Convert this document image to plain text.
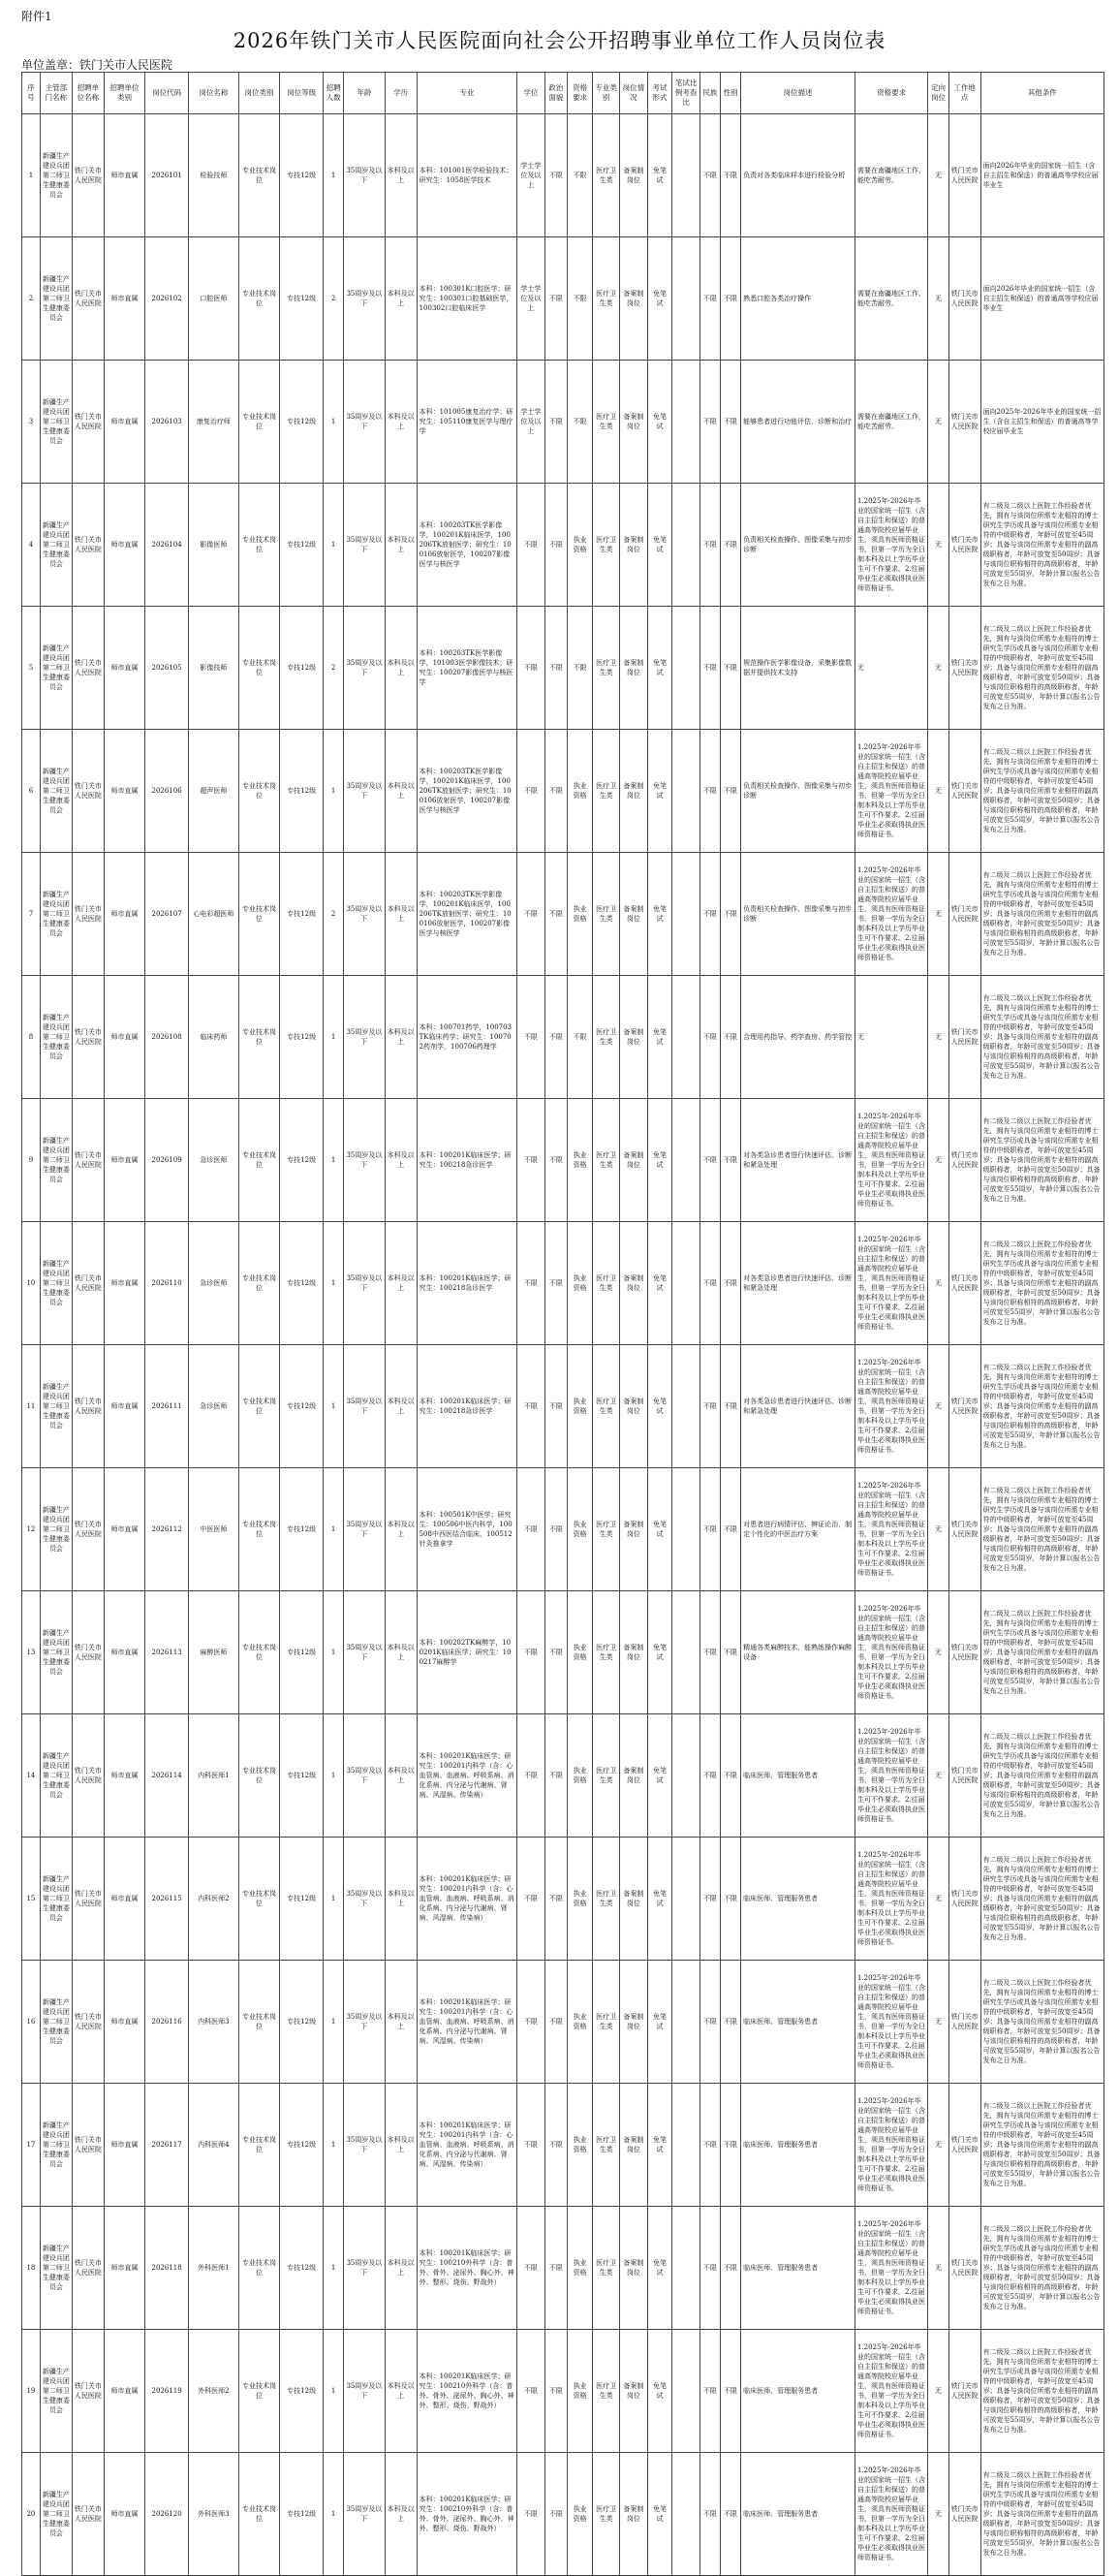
附件1
2026年铁门关市人民医院面向社会公开招聘事业单位工作人员岗位表
单位盖章：铁门关市人民医院
序号	主管部门名称	招聘单位名称	招聘单位类别	岗位代码	岗位名称	岗位类别	岗位等级	招聘人数	年龄	学历	专业	学位	政治面貌	资格要求	专业类别	岗位情况	考试形式	笔试比例考查比	民族	性别	岗位描述	资格要求	定向岗位	工作地点	其他条件
1	新疆生产建设兵团第二师卫生健康委员会	铁门关市人民医院	师市直属	2026101	检验技师	专业技术岗位	专技12级	1	35周岁及以下	本科及以上	本科：101001医学检验技术；研究生：1058医学技术	学士学位及以上	不限	不限	医疗卫生类	备案制岗位	免笔试		不限	不限	负责对各类临床样本进行检验分析	需要在南疆地区工作，能吃苦耐劳。	无	铁门关市人民医院	面向2026年毕业的国家统一招生（含自主招生和保送）的普通高等学校应届毕业生
2	新疆生产建设兵团第二师卫生健康委员会	铁门关市人民医院	师市直属	2026102	口腔医师	专业技术岗位	专技12级	2	35周岁及以下	本科及以上	本科：100301K口腔医学；研究生：100301口腔基础医学，100302口腔临床医学	学士学位及以上	不限	不限	医疗卫生类	备案制岗位	免笔试		不限	不限	熟悉口腔各类治疗操作	需要在南疆地区工作，能吃苦耐劳。	无	铁门关市人民医院	面向2026年毕业的国家统一招生（含自主招生和保送）的普通高等学校应届毕业生
3	新疆生产建设兵团第二师卫生健康委员会	铁门关市人民医院	师市直属	2026103	康复治疗师	专业技术岗位	专技12级	1	35周岁及以下	本科及以上	本科：101005康复治疗学；研究生：105110康复医学与理疗学	学士学位及以上	不限	不限	医疗卫生类	备案制岗位	免笔试		不限	不限	能够患者进行功能评估、诊断和治疗	需要在南疆地区工作，能吃苦耐劳。	无	铁门关市人民医院	面向2025年-2026年毕业的国家统一招生（含自主招生和保送）的普通高等学校应届毕业生
4	新疆生产建设兵团第二师卫生健康委员会	铁门关市人民医院	师市直属	2026104	影像医师	专业技术岗位	专技12级	1	35周岁及以下	本科及以上	本科：100203TK医学影像学，100201K临床医学，100206TK放射医学；研究生：100106放射医学，100207影像医学与核医学	不限	不限	执业资格	医疗卫生类	备案制岗位	免笔试		不限	不限	负责相关检查操作、图像采集与初步诊断	1.2025年-2026年毕业的国家统一招生（含自主招生和保送）的普通高等院校应届毕业生，须具有医师资格证书，但第一学历为全日制本科及以上学历毕业生可不作要求。2.往届毕业生必须取得执业医师资格证书。	无	铁门关市人民医院	有二级及二级以上医院工作经验者优先，拥有与该岗位所需专业相符的博士研究生学历或具备与该岗位所需专业相符的中级职称者，年龄可放宽至45周岁；具备与该岗位所需专业相符的副高级职称者，年龄可放宽至50周岁；具备与该岗位职称相符的高级职称者，年龄可放宽至55周岁，年龄计算以报名公告发布之日为准。
5	新疆生产建设兵团第二师卫生健康委员会	铁门关市人民医院	师市直属	2026105	影像技师	专业技术岗位	专技12级	2	35周岁及以下	本科及以上	本科：100203TK医学影像学，101003医学影像技术；研究生：100207影像医学与核医学	不限	不限	不限	医疗卫生类	备案制岗位	免笔试		不限	不限	规范操作医学影像设备，采集影像数据并提供技术支持	无	无	铁门关市人民医院	有二级及二级以上医院工作经验者优先，拥有与该岗位所需专业相符的博士研究生学历或具备与该岗位所需专业相符的中级职称者，年龄可放宽至45周岁；具备与该岗位所需专业相符的副高级职称者，年龄可放宽至50周岁；具备与该岗位职称相符的高级职称者，年龄可放宽至55周岁，年龄计算以报名公告发布之日为准。
6	新疆生产建设兵团第二师卫生健康委员会	铁门关市人民医院	师市直属	2026106	超声医师	专业技术岗位	专技12级	1	35周岁及以下	本科及以上	本科：100203TK医学影像学，100201K临床医学，100206TK放射医学；研究生：100106放射医学，100207影像医学与核医学	不限	不限	执业资格	医疗卫生类	备案制岗位	免笔试		不限	不限	负责相关检查操作、图像采集与初步诊断	1.2025年-2026年毕业的国家统一招生（含自主招生和保送）的普通高等院校应届毕业生，须具有医师资格证书，但第一学历为全日制本科及以上学历毕业生可不作要求。2.往届毕业生必须取得执业医师资格证书。	无	铁门关市人民医院	有二级及二级以上医院工作经验者优先，拥有与该岗位所需专业相符的博士研究生学历或具备与该岗位所需专业相符的中级职称者，年龄可放宽至45周岁；具备与该岗位所需专业相符的副高级职称者，年龄可放宽至50周岁；具备与该岗位职称相符的高级职称者，年龄可放宽至55周岁，年龄计算以报名公告发布之日为准。
7	新疆生产建设兵团第二师卫生健康委员会	铁门关市人民医院	师市直属	2026107	心电彩超医师	专业技术岗位	专技12级	2	35周岁及以下	本科及以上	本科：100203TK医学影像学，100201K临床医学，100206TK放射医学；研究生：100106放射医学，100207影像医学与核医学	不限	不限	执业资格	医疗卫生类	备案制岗位	免笔试		不限	不限	负责相关检查操作、图像采集与初步诊断	1.2025年-2026年毕业的国家统一招生（含自主招生和保送）的普通高等院校应届毕业生，须具有医师资格证书，但第一学历为全日制本科及以上学历毕业生可不作要求。2.往届毕业生必须取得执业医师资格证书。	无	铁门关市人民医院	有二级及二级以上医院工作经验者优先，拥有与该岗位所需专业相符的博士研究生学历或具备与该岗位所需专业相符的中级职称者，年龄可放宽至45周岁；具备与该岗位所需专业相符的副高级职称者，年龄可放宽至50周岁；具备与该岗位职称相符的高级职称者，年龄可放宽至55周岁，年龄计算以报名公告发布之日为准。
8	新疆生产建设兵团第二师卫生健康委员会	铁门关市人民医院	师市直属	2026108	临床药师	专业技术岗位	专技12级	1	35周岁及以下	本科及以上	本科：100701药学，100703TK临床药学；研究生：100702药剂学，100706药理学	不限	不限	不限	医疗卫生类	备案制岗位	免笔试		不限	不限	合理用药指导、药学查房、药学管控	无	无	铁门关市人民医院	有二级及二级以上医院工作经验者优先，拥有与该岗位所需专业相符的博士研究生学历或具备与该岗位所需专业相符的中级职称者，年龄可放宽至45周岁；具备与该岗位所需专业相符的副高级职称者，年龄可放宽至50周岁；具备与该岗位职称相符的高级职称者，年龄可放宽至55周岁，年龄计算以报名公告发布之日为准。
9	新疆生产建设兵团第二师卫生健康委员会	铁门关市人民医院	师市直属	2026109	急诊医师	专业技术岗位	专技12级	1	35周岁及以下	本科及以上	本科：100201K临床医学；研究生：100218急诊医学	不限	不限	执业资格	医疗卫生类	备案制岗位	免笔试		不限	不限	对各类急诊患者进行快速评估、诊断和紧急处理	1.2025年-2026年毕业的国家统一招生（含自主招生和保送）的普通高等院校应届毕业生，须具有医师资格证书，但第一学历为全日制本科及以上学历毕业生可不作要求。2.往届毕业生必须取得执业医师资格证书。	无	铁门关市人民医院	有二级及二级以上医院工作经验者优先，拥有与该岗位所需专业相符的博士研究生学历或具备与该岗位所需专业相符的中级职称者，年龄可放宽至45周岁；具备与该岗位所需专业相符的副高级职称者，年龄可放宽至50周岁；具备与该岗位职称相符的高级职称者，年龄可放宽至55周岁，年龄计算以报名公告发布之日为准。
10	新疆生产建设兵团第二师卫生健康委员会	铁门关市人民医院	师市直属	2026110	急诊医师	专业技术岗位	专技12级	1	35周岁及以下	本科及以上	本科：100201K临床医学；研究生：100218急诊医学	不限	不限	执业资格	医疗卫生类	备案制岗位	免笔试		不限	不限	对各类急诊患者进行快速评估、诊断和紧急处理	1.2025年-2026年毕业的国家统一招生（含自主招生和保送）的普通高等院校应届毕业生，须具有医师资格证书，但第一学历为全日制本科及以上学历毕业生可不作要求。2.往届毕业生必须取得执业医师资格证书。	无	铁门关市人民医院	有二级及二级以上医院工作经验者优先，拥有与该岗位所需专业相符的博士研究生学历或具备与该岗位所需专业相符的中级职称者，年龄可放宽至45周岁；具备与该岗位所需专业相符的副高级职称者，年龄可放宽至50周岁；具备与该岗位职称相符的高级职称者，年龄可放宽至55周岁，年龄计算以报名公告发布之日为准。
11	新疆生产建设兵团第二师卫生健康委员会	铁门关市人民医院	师市直属	2026111	急诊医师	专业技术岗位	专技12级	1	35周岁及以下	本科及以上	本科：100201K临床医学；研究生：100218急诊医学	不限	不限	执业资格	医疗卫生类	备案制岗位	免笔试		不限	不限	对各类急诊患者进行快速评估、诊断和紧急处理	1.2025年-2026年毕业的国家统一招生（含自主招生和保送）的普通高等院校应届毕业生，须具有医师资格证书，但第一学历为全日制本科及以上学历毕业生可不作要求。2.往届毕业生必须取得执业医师资格证书。	无	铁门关市人民医院	有二级及二级以上医院工作经验者优先，拥有与该岗位所需专业相符的博士研究生学历或具备与该岗位所需专业相符的中级职称者，年龄可放宽至45周岁；具备与该岗位所需专业相符的副高级职称者，年龄可放宽至50周岁；具备与该岗位职称相符的高级职称者，年龄可放宽至55周岁，年龄计算以报名公告发布之日为准。
12	新疆生产建设兵团第二师卫生健康委员会	铁门关市人民医院	师市直属	2026112	中医医师	专业技术岗位	专技12级	1	35周岁及以下	本科及以上	本科：100501K中医学；研究生：100506中医内科学，100508中西医结合临床，100512针灸推拿学	不限	不限	执业资格	医疗卫生类	备案制岗位	免笔试		不限	不限	对患者进行病情评估、辨证论治，制定个性化的中医治疗方案	1.2025年-2026年毕业的国家统一招生（含自主招生和保送）的普通高等院校应届毕业生，须具有医师资格证书，但第一学历为全日制本科及以上学历毕业生可不作要求。2.往届毕业生必须取得执业医师资格证书。	无	铁门关市人民医院	有二级及二级以上医院工作经验者优先，拥有与该岗位所需专业相符的博士研究生学历或具备与该岗位所需专业相符的中级职称者，年龄可放宽至45周岁；具备与该岗位所需专业相符的副高级职称者，年龄可放宽至50周岁；具备与该岗位职称相符的高级职称者，年龄可放宽至55周岁，年龄计算以报名公告发布之日为准。
13	新疆生产建设兵团第二师卫生健康委员会	铁门关市人民医院	师市直属	2026113	麻醉医师	专业技术岗位	专技12级	1	35周岁及以下	本科及以上	本科：100202TK麻醉学，100201K临床医学；研究生：100217麻醉学	不限	不限	执业资格	医疗卫生类	备案制岗位	免笔试		不限	不限	精通各类麻醉技术，能熟练操作麻醉设备	1.2025年-2026年毕业的国家统一招生（含自主招生和保送）的普通高等院校应届毕业生，须具有医师资格证书，但第一学历为全日制本科及以上学历毕业生可不作要求。2.往届毕业生必须取得执业医师资格证书。	无	铁门关市人民医院	有二级及二级以上医院工作经验者优先，拥有与该岗位所需专业相符的博士研究生学历或具备与该岗位所需专业相符的中级职称者，年龄可放宽至45周岁；具备与该岗位所需专业相符的副高级职称者，年龄可放宽至50周岁；具备与该岗位职称相符的高级职称者，年龄可放宽至55周岁，年龄计算以报名公告发布之日为准。
14	新疆生产建设兵团第二师卫生健康委员会	铁门关市人民医院	师市直属	2026114	内科医师1	专业技术岗位	专技12级	1	35周岁及以下	本科及以上	本科：100201K临床医学；研究生：100201内科学（含：心血管病、血液病、呼吸系病、消化系病、内分泌与代谢病、肾病、风湿病、传染病）	不限	不限	执业资格	医疗卫生类	备案制岗位	免笔试		不限	不限	临床医师、管理服务患者	1.2025年-2026年毕业的国家统一招生（含自主招生和保送）的普通高等院校应届毕业生，须具有医师资格证书，但第一学历为全日制本科及以上学历毕业生可不作要求。2.往届毕业生必须取得执业医师资格证书。	无	铁门关市人民医院	有二级及二级以上医院工作经验者优先，拥有与该岗位所需专业相符的博士研究生学历或具备与该岗位所需专业相符的中级职称者，年龄可放宽至45周岁；具备与该岗位所需专业相符的副高级职称者，年龄可放宽至50周岁；具备与该岗位职称相符的高级职称者，年龄可放宽至55周岁，年龄计算以报名公告发布之日为准。
15	新疆生产建设兵团第二师卫生健康委员会	铁门关市人民医院	师市直属	2026115	内科医师2	专业技术岗位	专技12级	1	35周岁及以下	本科及以上	本科：100201K临床医学；研究生：100201内科学（含：心血管病、血液病、呼吸系病、消化系病、内分泌与代谢病、肾病、风湿病、传染病）	不限	不限	执业资格	医疗卫生类	备案制岗位	免笔试		不限	不限	临床医师、管理服务患者	1.2025年-2026年毕业的国家统一招生（含自主招生和保送）的普通高等院校应届毕业生，须具有医师资格证书，但第一学历为全日制本科及以上学历毕业生可不作要求。2.往届毕业生必须取得执业医师资格证书。	无	铁门关市人民医院	有二级及二级以上医院工作经验者优先，拥有与该岗位所需专业相符的博士研究生学历或具备与该岗位所需专业相符的中级职称者，年龄可放宽至45周岁；具备与该岗位所需专业相符的副高级职称者，年龄可放宽至50周岁；具备与该岗位职称相符的高级职称者，年龄可放宽至55周岁，年龄计算以报名公告发布之日为准。
16	新疆生产建设兵团第二师卫生健康委员会	铁门关市人民医院	师市直属	2026116	内科医师3	专业技术岗位	专技12级	1	35周岁及以下	本科及以上	本科：100201K临床医学；研究生：100201内科学（含：心血管病、血液病、呼吸系病、消化系病、内分泌与代谢病、肾病、风湿病、传染病）	不限	不限	执业资格	医疗卫生类	备案制岗位	免笔试		不限	不限	临床医师、管理服务患者	1.2025年-2026年毕业的国家统一招生（含自主招生和保送）的普通高等院校应届毕业生，须具有医师资格证书，但第一学历为全日制本科及以上学历毕业生可不作要求。2.往届毕业生必须取得执业医师资格证书。	无	铁门关市人民医院	有二级及二级以上医院工作经验者优先，拥有与该岗位所需专业相符的博士研究生学历或具备与该岗位所需专业相符的中级职称者，年龄可放宽至45周岁；具备与该岗位所需专业相符的副高级职称者，年龄可放宽至50周岁；具备与该岗位职称相符的高级职称者，年龄可放宽至55周岁，年龄计算以报名公告发布之日为准。
17	新疆生产建设兵团第二师卫生健康委员会	铁门关市人民医院	师市直属	2026117	内科医师4	专业技术岗位	专技12级	1	35周岁及以下	本科及以上	本科：100201K临床医学；研究生：100201内科学（含：心血管病、血液病、呼吸系病、消化系病、内分泌与代谢病、肾病、风湿病、传染病）	不限	不限	执业资格	医疗卫生类	备案制岗位	免笔试		不限	不限	临床医师、管理服务患者	1.2025年-2026年毕业的国家统一招生（含自主招生和保送）的普通高等院校应届毕业生，须具有医师资格证书，但第一学历为全日制本科及以上学历毕业生可不作要求。2.往届毕业生必须取得执业医师资格证书。	无	铁门关市人民医院	有二级及二级以上医院工作经验者优先，拥有与该岗位所需专业相符的博士研究生学历或具备与该岗位所需专业相符的中级职称者，年龄可放宽至45周岁；具备与该岗位所需专业相符的副高级职称者，年龄可放宽至50周岁；具备与该岗位职称相符的高级职称者，年龄可放宽至55周岁，年龄计算以报名公告发布之日为准。
18	新疆生产建设兵团第二师卫生健康委员会	铁门关市人民医院	师市直属	2026118	外科医师1	专业技术岗位	专技12级	1	35周岁及以下	本科及以上	本科：100201K临床医学；研究生：100210外科学（含：普外、骨外、泌尿外、胸心外、神外、整形、烧伤、野战外）	不限	不限	执业资格	医疗卫生类	备案制岗位	免笔试		不限	不限	临床医师、管理服务患者	1.2025年-2026年毕业的国家统一招生（含自主招生和保送）的普通高等院校应届毕业生，须具有医师资格证书，但第一学历为全日制本科及以上学历毕业生可不作要求。2.往届毕业生必须取得执业医师资格证书。	无	铁门关市人民医院	有二级及二级以上医院工作经验者优先，拥有与该岗位所需专业相符的博士研究生学历或具备与该岗位所需专业相符的中级职称者，年龄可放宽至45周岁；具备与该岗位所需专业相符的副高级职称者，年龄可放宽至50周岁；具备与该岗位职称相符的高级职称者，年龄可放宽至55周岁，年龄计算以报名公告发布之日为准。
19	新疆生产建设兵团第二师卫生健康委员会	铁门关市人民医院	师市直属	2026119	外科医师2	专业技术岗位	专技12级	1	35周岁及以下	本科及以上	本科：100201K临床医学；研究生：100210外科学（含：普外、骨外、泌尿外、胸心外、神外、整形、烧伤、野战外）	不限	不限	执业资格	医疗卫生类	备案制岗位	免笔试		不限	不限	临床医师、管理服务患者	1.2025年-2026年毕业的国家统一招生（含自主招生和保送）的普通高等院校应届毕业生，须具有医师资格证书，但第一学历为全日制本科及以上学历毕业生可不作要求。2.往届毕业生必须取得执业医师资格证书。	无	铁门关市人民医院	有二级及二级以上医院工作经验者优先，拥有与该岗位所需专业相符的博士研究生学历或具备与该岗位所需专业相符的中级职称者，年龄可放宽至45周岁；具备与该岗位所需专业相符的副高级职称者，年龄可放宽至50周岁；具备与该岗位职称相符的高级职称者，年龄可放宽至55周岁，年龄计算以报名公告发布之日为准。
20	新疆生产建设兵团第二师卫生健康委员会	铁门关市人民医院	师市直属	2026120	外科医师3	专业技术岗位	专技12级	1	35周岁及以下	本科及以上	本科：100201K临床医学；研究生：100210外科学（含：普外、骨外、泌尿外、胸心外、神外、整形、烧伤、野战外）	不限	不限	执业资格	医疗卫生类	备案制岗位	免笔试		不限	不限	临床医师、管理服务患者	1.2025年-2026年毕业的国家统一招生（含自主招生和保送）的普通高等院校应届毕业生，须具有医师资格证书，但第一学历为全日制本科及以上学历毕业生可不作要求。2.往届毕业生必须取得执业医师资格证书。	无	铁门关市人民医院	有二级及二级以上医院工作经验者优先，拥有与该岗位所需专业相符的博士研究生学历或具备与该岗位所需专业相符的中级职称者，年龄可放宽至45周岁；具备与该岗位所需专业相符的副高级职称者，年龄可放宽至50周岁；具备与该岗位职称相符的高级职称者，年龄可放宽至55周岁，年龄计算以报名公告发布之日为准。
